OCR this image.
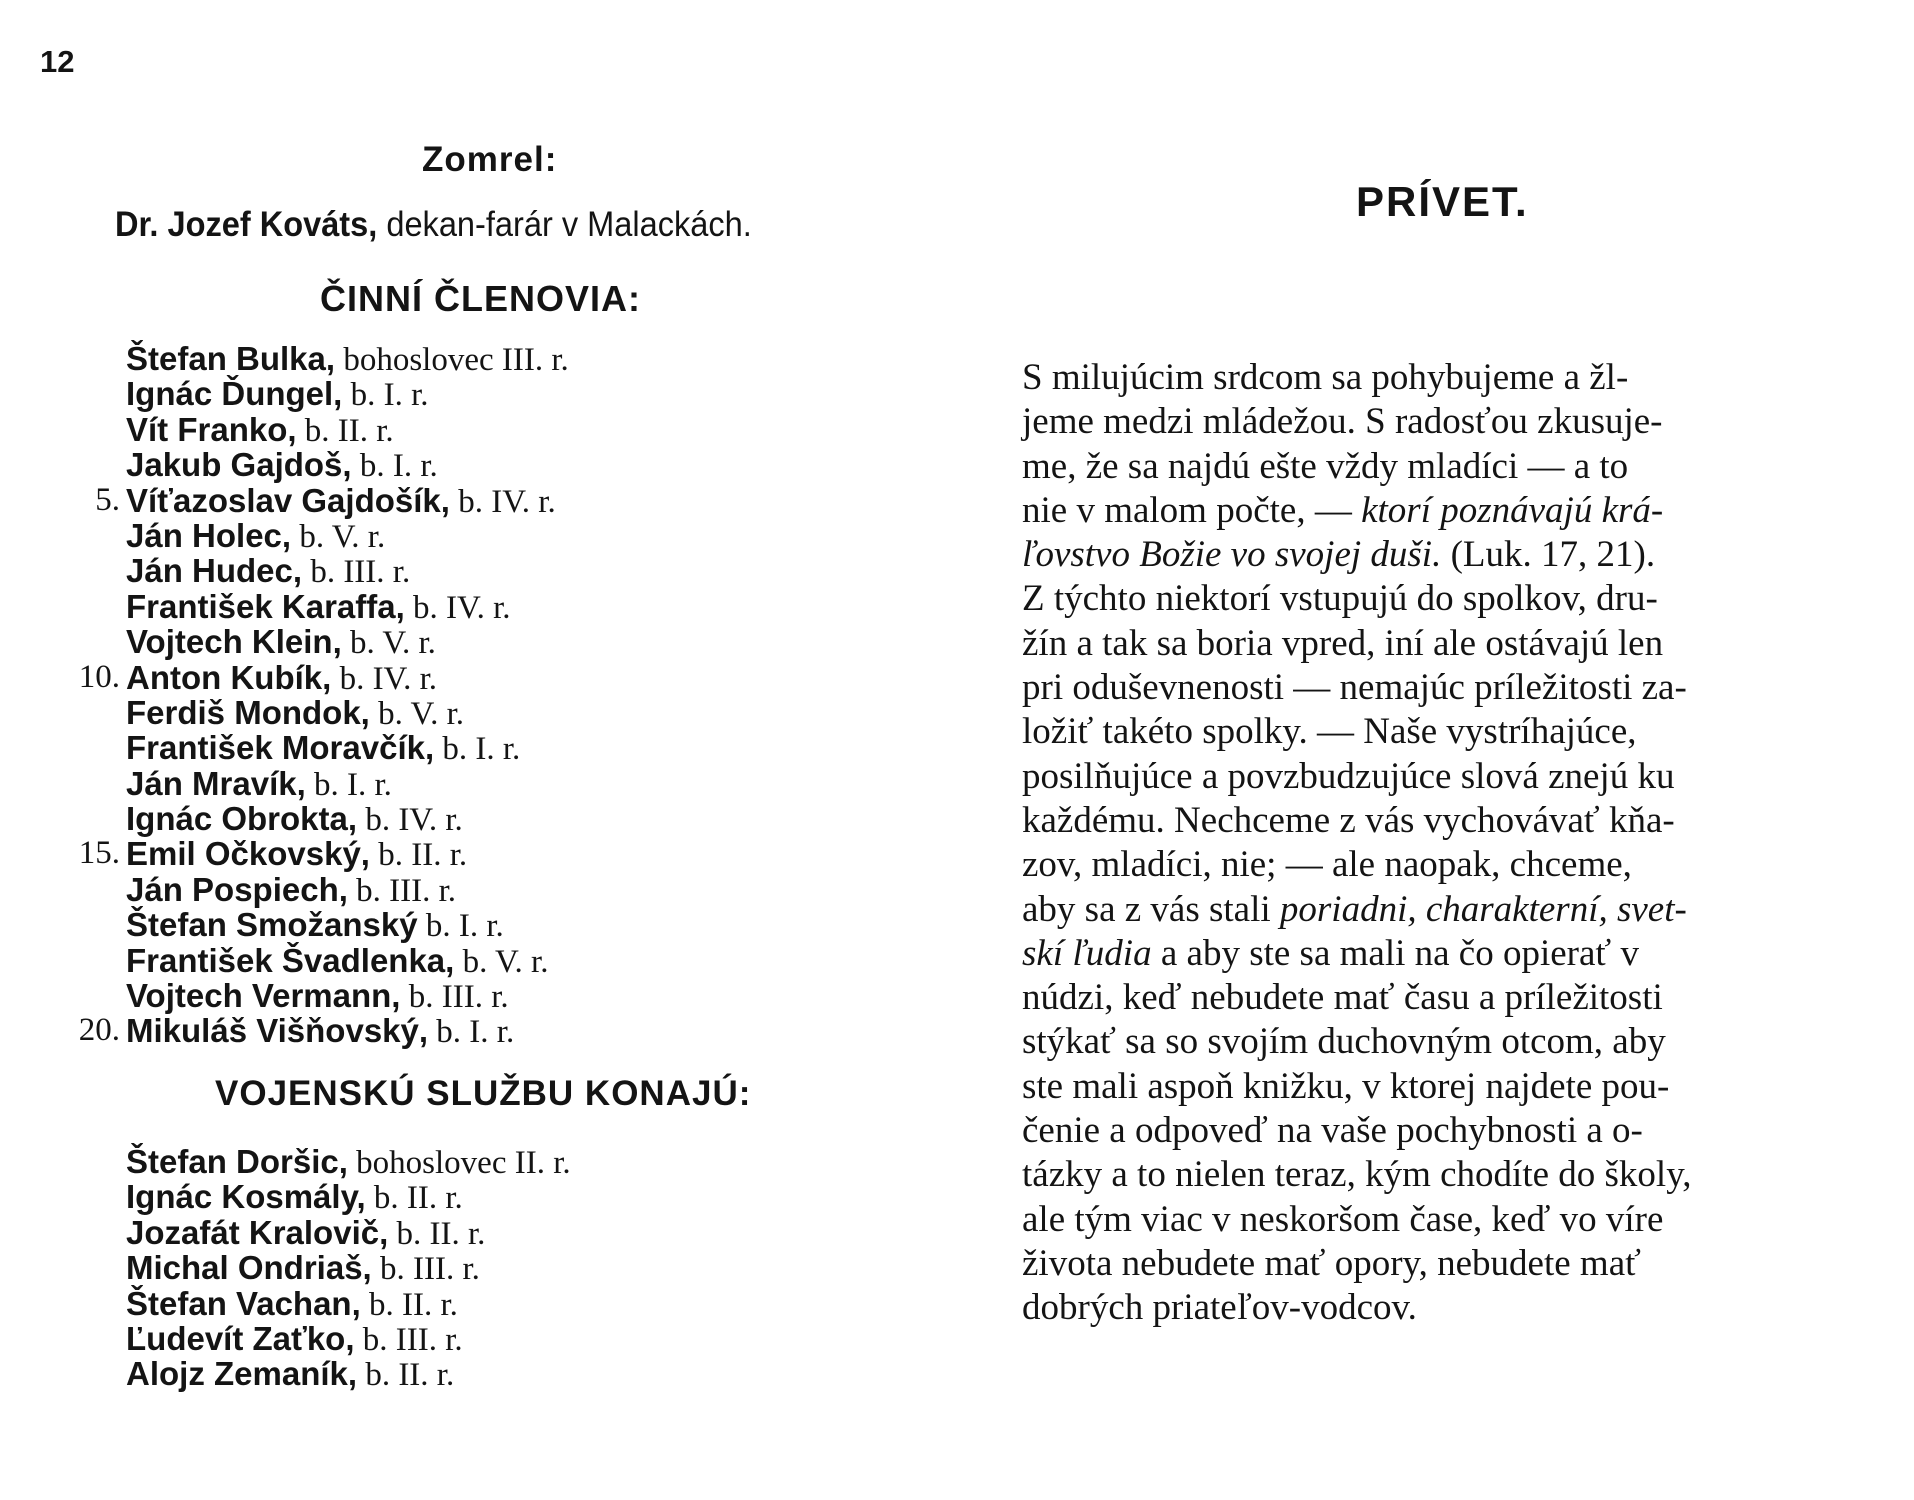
12
Zomrel:
Dr. Jozef Kováts, dekan-farár v Malackách.
ČINNÍ ČLENOVIA:
Štefan Bulka, bohoslovec III. r.
Ignác Ďungel, b. I. r.
Vít Franko, b. II. r.
Jakub Gajdoš, b. I. r.
5. Víťazoslav Gajdošík, b. IV. r.
Ján Holec, b. V. r.
Ján Hudec, b. III. r.
František Karaffa, b. IV. r.
Vojtech Klein, b. V. r.
10. Anton Kubík, b. IV. r.
Ferdiš Mondok, b. V. r.
František Moravčík, b. I. r.
Ján Mravík, b. I. r.
Ignác Obrokta, b. IV. r.
15. Emil Očkovský, b. II. r.
Ján Pospiech, b. III. r.
Štefan Smožanský b. I. r.
František Švadlenka, b. V. r.
Vojtech Vermann, b. III. r.
20. Mikuláš Višňovský, b. I. r.
VOJENSKÚ SLUŽBU KONAJÚ:
Štefan Doršic, bohoslovec II. r.
Ignác Kosmály, b. II. r.
Jozafát Kralovič, b. II. r.
Michal Ondriaš, b. III. r.
Štefan Vachan, b. II. r.
Ľudevít Zaťko, b. III. r.
Alojz Zemaník, b. II. r.
PRÍVET.
S milujúcim srdcom sa pohybujeme a žl-
jeme medzi mládežou. S radosťou zkusuje-
me, že sa najdú ešte vždy mladíci — a to
nie v malom počte, — ktorí poznávajú krá-
ľovstvo Božie vo svojej duši. (Luk. 17, 21).
Z týchto niektorí vstupujú do spolkov, dru-
žín a tak sa boria vpred, iní ale ostávajú len
pri oduševnenosti — nemajúc príležitosti za-
ložiť takéto spolky. — Naše vystríhajúce,
posilňujúce a povzbudzujúce slová znejú ku
každému. Nechceme z vás vychovávať kňa-
zov, mladíci, nie; — ale naopak, chceme,
aby sa z vás stali poriadni, charakterní, svet-
skí ľudia a aby ste sa mali na čo opierať v
núdzi, keď nebudete mať času a príležitosti
stýkať sa so svojím duchovným otcom, aby
ste mali aspoň knižku, v ktorej najdete pou-
čenie a odpoveď na vaše pochybnosti a o-
tázky a to nielen teraz, kým chodíte do školy,
ale tým viac v neskoršom čase, keď vo víre
života nebudete mať opory, nebudete mať
dobrých priateľov-vodcov.
